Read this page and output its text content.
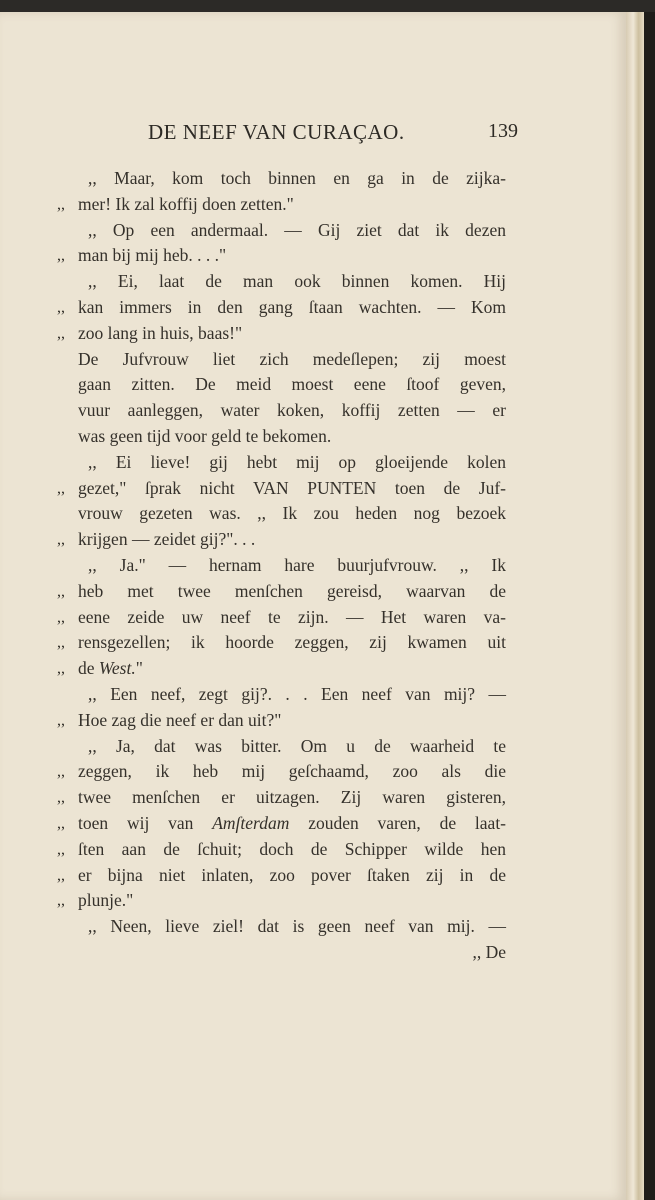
DE NEEF VAN CURAÇAO.	139
,, Maar, kom toch binnen en ga in de zijka-
,, mer! Ik zal koffij doen zetten."
,, Op een andermaal. — Gij ziet dat ik dezen
,, man bij mij heb. . . ."
,, Ei, laat de man ook binnen komen. Hij
,, kan immers in den gang ſtaan wachten. — Kom
,, zoo lang in huis, baas!"
De Jufvrouw liet zich medeſlepen; zij moest
gaan zitten. De meid moest eene ſtoof geven,
vuur aanleggen, water koken, koffij zetten — er
was geen tijd voor geld te bekomen.
,, Ei lieve! gij hebt mij op gloeijende kolen
,, gezet," ſprak nicht VAN PUNTEN toen de Juf-
vrouw gezeten was. ,, Ik zou heden nog bezoek
,, krijgen — zeidet gij?". . .
,, Ja." — hernam hare buurjufvrouw. ,, Ik
,, heb met twee menſchen gereisd, waarvan de
,, eene zeide uw neef te zijn. — Het waren va-
,, rensgezellen; ik hoorde zeggen, zij kwamen uit
,, de West."
,, Een neef, zegt gij?. . . Een neef van mij? —
,, Hoe zag die neef er dan uit?"
,, Ja, dat was bitter. Om u de waarheid te
,, zeggen, ik heb mij geſchaamd, zoo als die
,, twee menſchen er uitzagen. Zij waren gisteren,
,, toen wij van Amſterdam zouden varen, de laat-
,, ſten aan de ſchuit; doch de Schipper wilde hen
,, er bijna niet inlaten, zoo pover ſtaken zij in de
,, plunje."
,, Neen, lieve ziel! dat is geen neef van mij. —
,, De
